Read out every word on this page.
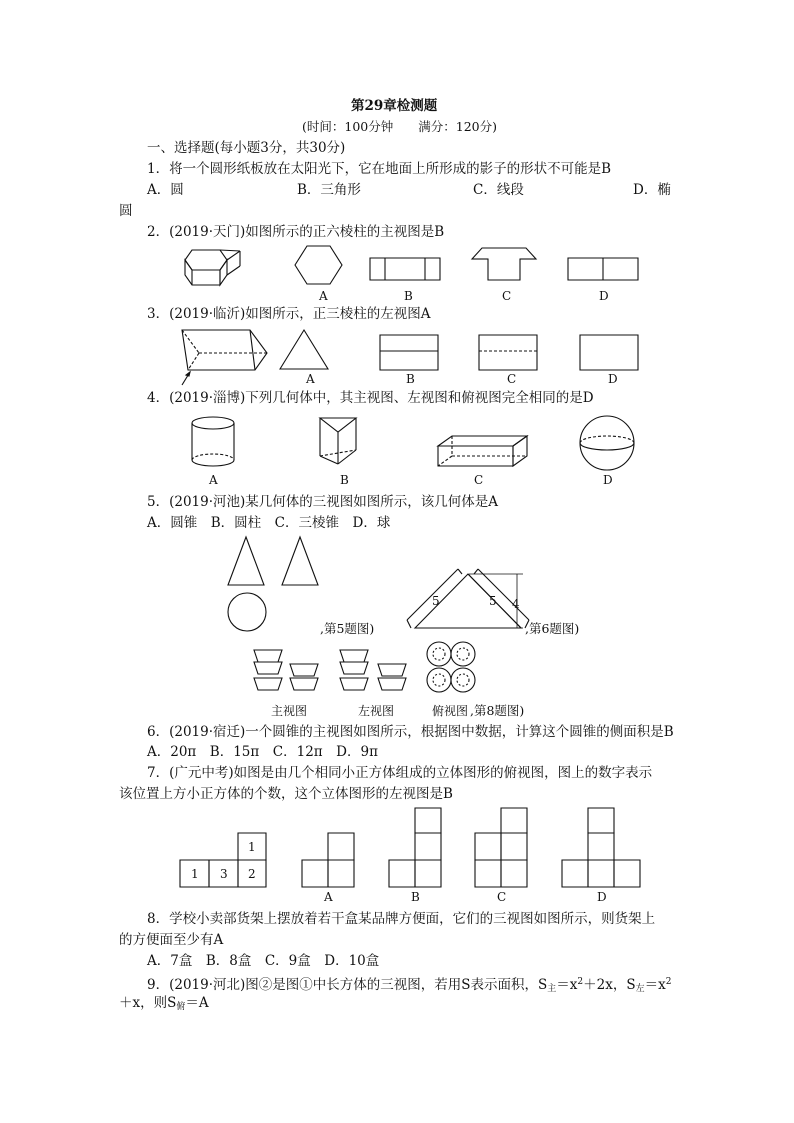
第29章检测题
(时间：100分钟　　满分：120分)
一、选择题(每小题3分，共30分)
1．将一个圆形纸板放在太阳光下，它在地面上所形成的影子的形状不可能是B
A．圆	B．三角形	C．线段	D．椭
圆
2．(2019·天门)如图所示的正六棱柱的主视图是B
A	B	C	D
3．(2019·临沂)如图所示，正三棱柱的左视图A
A	B	C	D
4．(2019·淄博)下列几何体中，其主视图、左视图和俯视图完全相同的是D
A	B	C	D
5．(2019·河池)某几何体的三视图如图所示，该几何体是A
A．圆锥　B．圆柱　C．三棱锥　D．球
,第5题图)
5	5 4
,第6题图)
主视图	左视图	俯视图 ,第8题图)
6．(2019·宿迁)一个圆锥的主视图如图所示，根据图中数据，计算这个圆锥的侧面积是B
A．20π　B．15π　C．12π　D．9π
7．(广元中考)如图是由几个相同小正方体组成的立体图形的俯视图，图上的数字表示
该位置上方小正方体的个数，这个立体图形的左视图是B
1
1 3 2
A	B	C	D
8．学校小卖部货架上摆放着若干盒某品牌方便面，它们的三视图如图所示，则货架上
的方便面至少有A
A．7盒　B．8盒　C．9盒　D．10盒
9．(2019·河北)图②是图①中长方体的三视图，若用S表示面积，$S_主=x^2+2x$，$S_左=x^2$
＋x，则$S_俯=A$
